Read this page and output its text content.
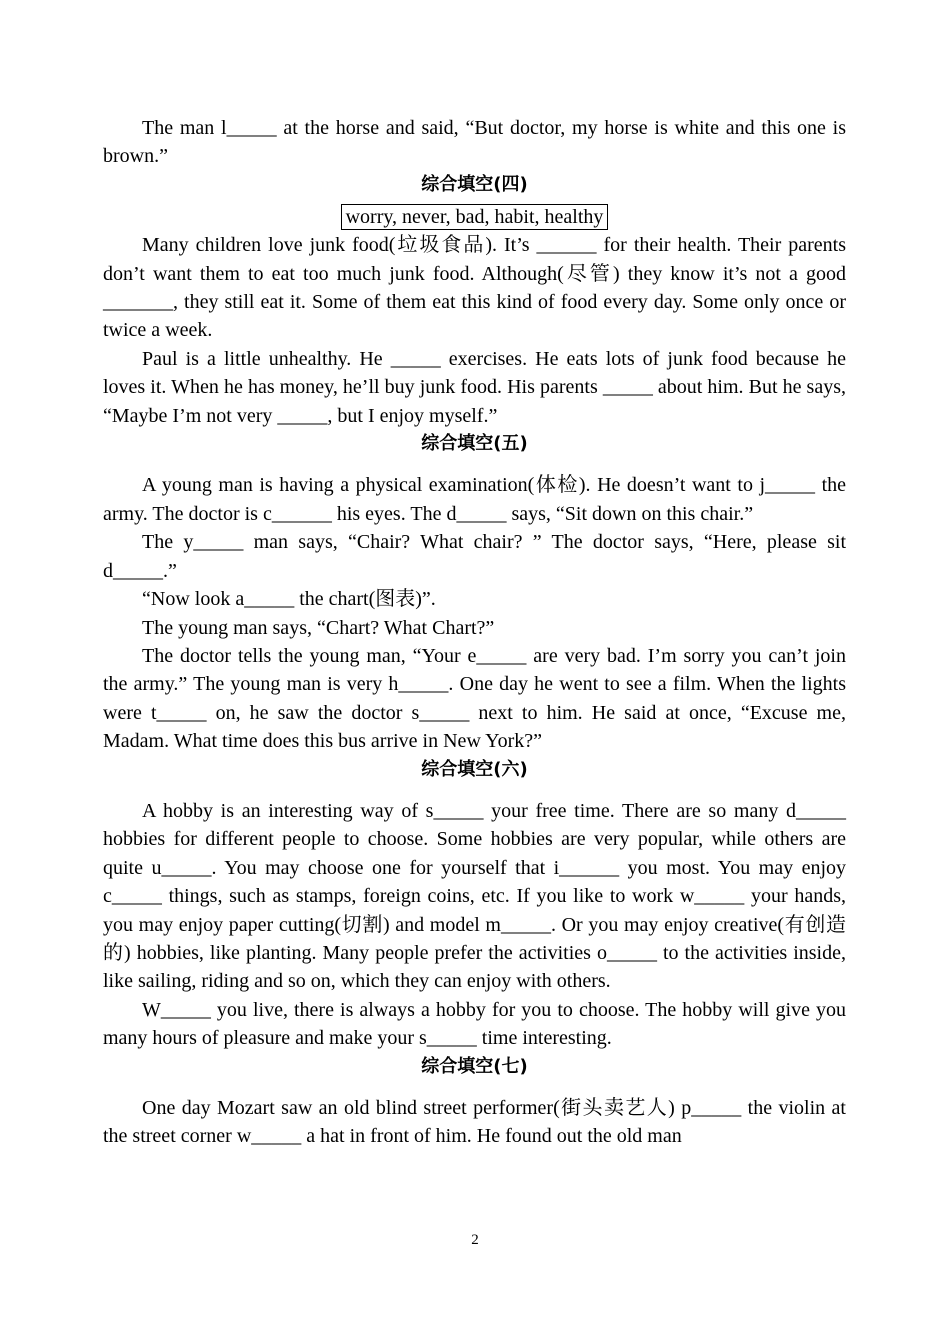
The man l_____ at the horse and said, “But doctor, my horse is white and this one is brown.”

综合填空(四)

worry, never, bad, habit, healthy

Many children love junk food(垃圾食品). It’s ______ for their health. Their parents don’t want them to eat too much junk food. Although(尽管) they know it’s not a good _______, they still eat it. Some of them eat this kind of food every day. Some only once or twice a week.

Paul is a little unhealthy. He _____ exercises. He eats lots of junk food because he loves it. When he has money, he’ll buy junk food. His parents _____ about him. But he says, “Maybe I’m not very _____, but I enjoy myself.”

综合填空(五)

A young man is having a physical examination(体检). He doesn’t want to j_____ the army. The doctor is c______ his eyes. The d_____ says, “Sit down on this chair.”

The y_____ man says, “Chair? What chair? ” The doctor says, “Here, please sit d_____.”

“Now look a_____ the chart(图表)”.

The young man says, “Chart? What Chart?”

The doctor tells the young man, “Your e_____ are very bad. I’m sorry you can’t join the army.” The young man is very h_____. One day he went to see a film. When the lights were t_____ on, he saw the doctor s_____ next to him. He said at once, “Excuse me, Madam. What time does this bus arrive in New York?”

综合填空(六)

A hobby is an interesting way of s_____ your free time. There are so many d_____ hobbies for different people to choose. Some hobbies are very popular, while others are quite u_____. You may choose one for yourself that i______ you most. You may enjoy c_____ things, such as stamps, foreign coins, etc. If you like to work w_____ your hands, you may enjoy paper cutting(切割) and model m_____. Or you may enjoy creative(有创造的) hobbies, like planting. Many people prefer the activities o_____ to the activities inside, like sailing, riding and so on, which they can enjoy with others.

W_____ you live, there is always a hobby for you to choose. The hobby will give you many hours of pleasure and make your s_____ time interesting.

综合填空(七)

One day Mozart saw an old blind street performer(街头卖艺人) p_____ the violin at the street corner w_____ a hat in front of him. He found out the old man

2
